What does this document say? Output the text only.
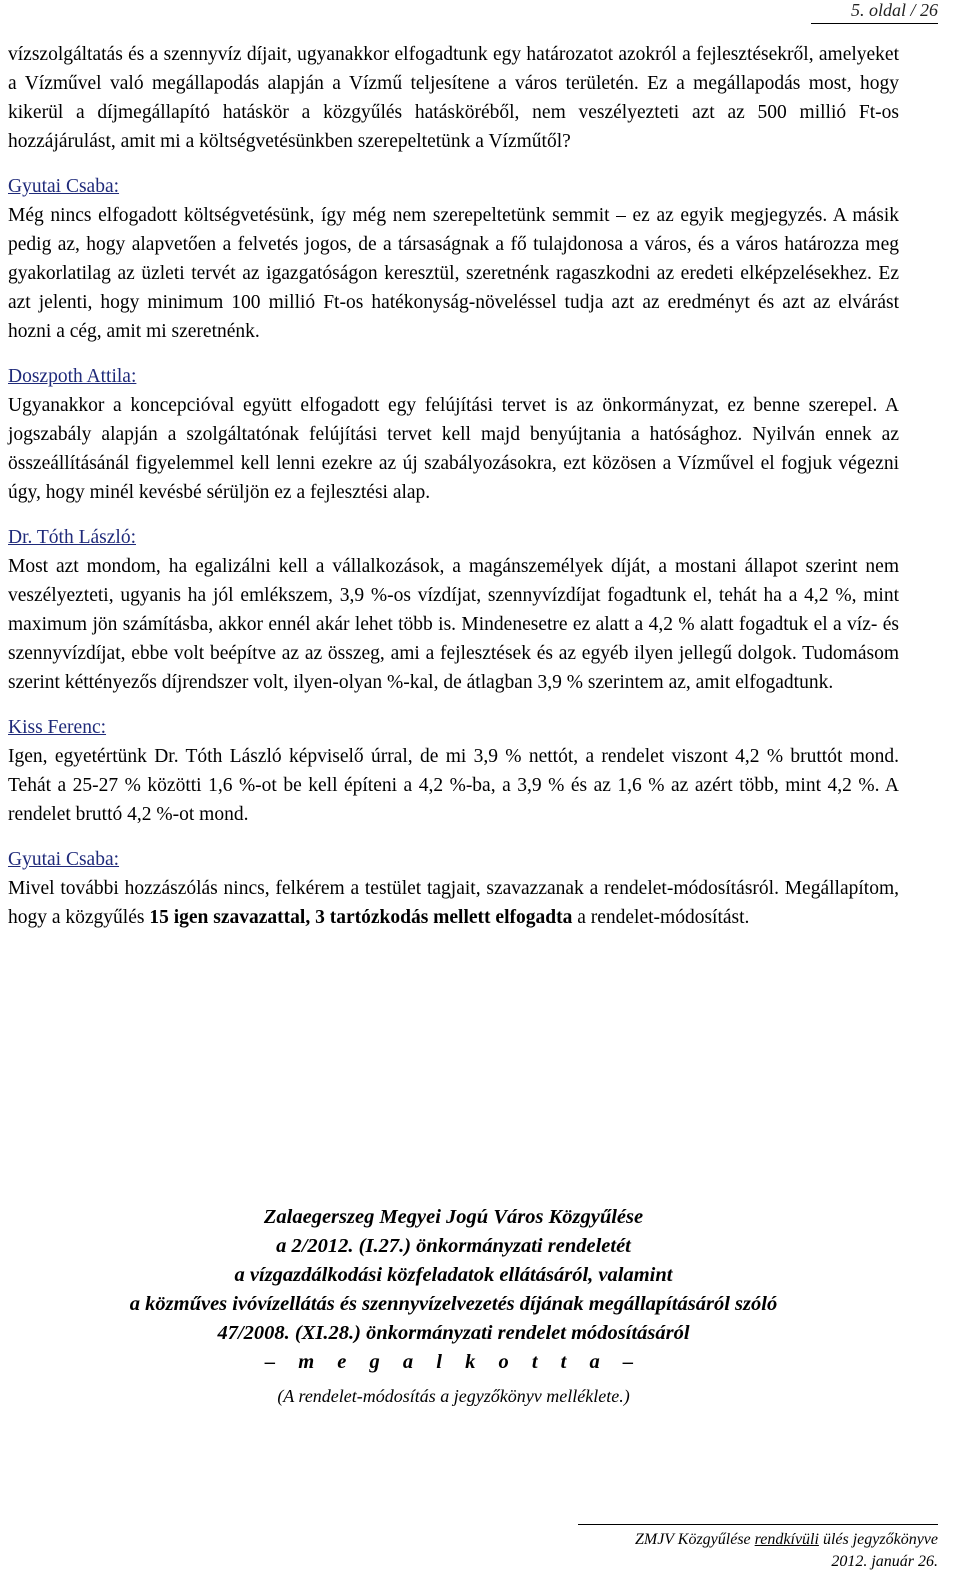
5. oldal / 26

vízszolgáltatás és a szennyvíz díjait, ugyanakkor elfogadtunk egy határozatot azokról a fejlesztésekről, amelyeket a Vízművel való megállapodás alapján a Vízmű teljesítene a város területén. Ez a megállapodás most, hogy kikerül a díjmegállapító hatáskör a közgyűlés hatásköréből, nem veszélyezteti azt az 500 millió Ft-os hozzájárulást, amit mi a költségvetésünkben szerepeltetünk a Vízműtől?

Gyutai Csaba:

Még nincs elfogadott költségvetésünk, így még nem szerepeltetünk semmit – ez az egyik megjegyzés. A másik pedig az, hogy alapvetően a felvetés jogos, de a társaságnak a fő tulajdonosa a város, és a város határozza meg gyakorlatilag az üzleti tervét az igazgatóságon keresztül, szeretnénk ragaszkodni az eredeti elképzelésekhez. Ez azt jelenti, hogy minimum 100 millió Ft-os hatékonyság-növeléssel tudja azt az eredményt és azt az elvárást hozni a cég, amit mi szeretnénk.

Doszpoth Attila:

Ugyanakkor a koncepcióval együtt elfogadott egy felújítási tervet is az önkormányzat, ez benne szerepel. A jogszabály alapján a szolgáltatónak felújítási tervet kell majd benyújtania a hatósághoz. Nyilván ennek az összeállításánál figyelemmel kell lenni ezekre az új szabályozásokra, ezt közösen a Vízművel el fogjuk végezni úgy, hogy minél kevésbé sérüljön ez a fejlesztési alap.

Dr. Tóth László:

Most azt mondom, ha egalizálni kell a vállalkozások, a magánszemélyek díját, a mostani állapot szerint nem veszélyezteti, ugyanis ha jól emlékszem, 3,9 %-os vízdíjat, szennyvízdíjat fogadtunk el, tehát ha a 4,2 %, mint maximum jön számításba, akkor ennél akár lehet több is. Mindenesetre ez alatt a 4,2 % alatt fogadtuk el a víz- és szennyvízdíjat, ebbe volt beépítve az az összeg, ami a fejlesztések és az egyéb ilyen jellegű dolgok. Tudomásom szerint kéttényezős díjrendszer volt, ilyen-olyan %-kal, de átlagban 3,9 % szerintem az, amit elfogadtunk.

Kiss Ferenc:

Igen, egyetértünk Dr. Tóth László képviselő úrral, de mi 3,9 % nettót, a rendelet viszont 4,2 % bruttót mond. Tehát a 25-27 % közötti 1,6 %-ot be kell építeni a 4,2 %-ba, a 3,9 % és az 1,6 % az azért több, mint 4,2 %. A rendelet bruttó 4,2 %-ot mond.

Gyutai Csaba:

Mivel további hozzászólás nincs, felkérem a testület tagjait, szavazzanak a rendelet-módosításról. Megállapítom, hogy a közgyűlés 15 igen szavazattal, 3 tartózkodás mellett elfogadta a rendelet-módosítást.

Zalaegerszeg Megyei Jogú Város Közgyűlése
a 2/2012. (I.27.) önkormányzati rendeletét
a vízgazdálkodási közfeladatok ellátásáról, valamint
a közműves ivóvízellátás és szennyvízelvezetés díjának megállapításáról szóló
47/2008. (XI.28.) önkormányzati rendelet módosításáról
– m e g a l k o t t a –
(A rendelet-módosítás a jegyzőkönyv melléklete.)
ZMJV Közgyűlése rendkívüli ülés jegyzőkönyve
2012. január 26.
